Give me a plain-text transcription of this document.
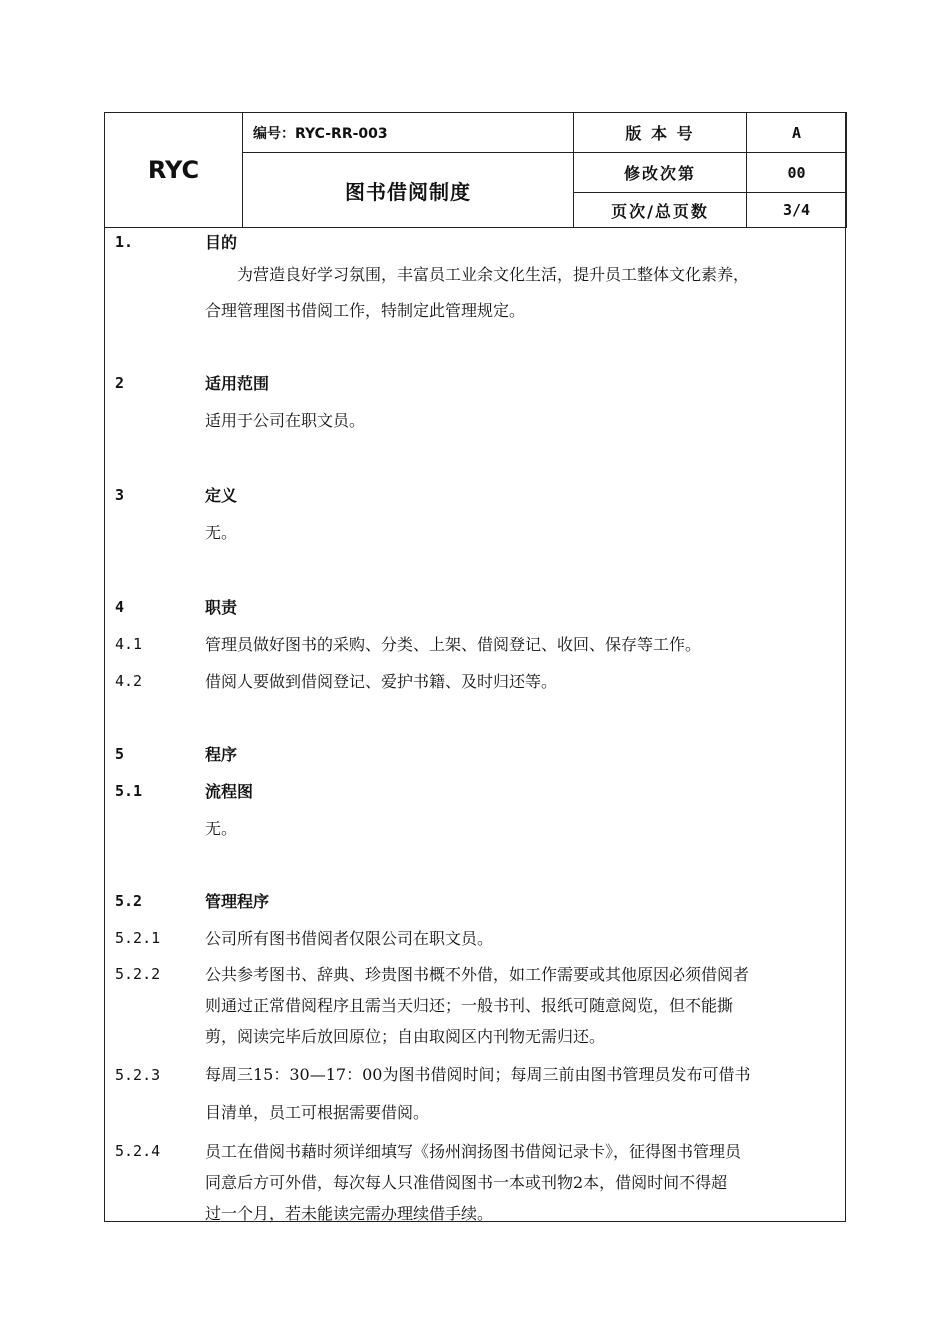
RYC	编号：RYC-RR-003	版 本 号	A
	图书借阅制度	修改次第	00
		页次/总页数	3/4
1.	目的
为营造良好学习氛围，丰富员工业余文化生活，提升员工整体文化素养，
合理管理图书借阅工作，特制定此管理规定。
2	适用范围
适用于公司在职文员。
3	定义
无。
4	职责
4.1	管理员做好图书的采购、分类、上架、借阅登记、收回、保存等工作。
4.2	借阅人要做到借阅登记、爱护书籍、及时归还等。
5	程序
5.1	流程图
无。
5.2	管理程序
5.2.1	公司所有图书借阅者仅限公司在职文员。
5.2.2	公共参考图书、辞典、珍贵图书概不外借，如工作需要或其他原因必须借阅者
则通过正常借阅程序且需当天归还；一般书刊、报纸可随意阅览，但不能撕
剪，阅读完毕后放回原位；自由取阅区内刊物无需归还。
5.2.3	每周三15：30—17：00为图书借阅时间；每周三前由图书管理员发布可借书
目清单，员工可根据需要借阅。
5.2.4	员工在借阅书藉时须详细填写《扬州润扬图书借阅记录卡》，征得图书管理员
同意后方可外借，每次每人只准借阅图书一本或刊物2本，借阅时间不得超
过一个月，若未能读完需办理续借手续。
